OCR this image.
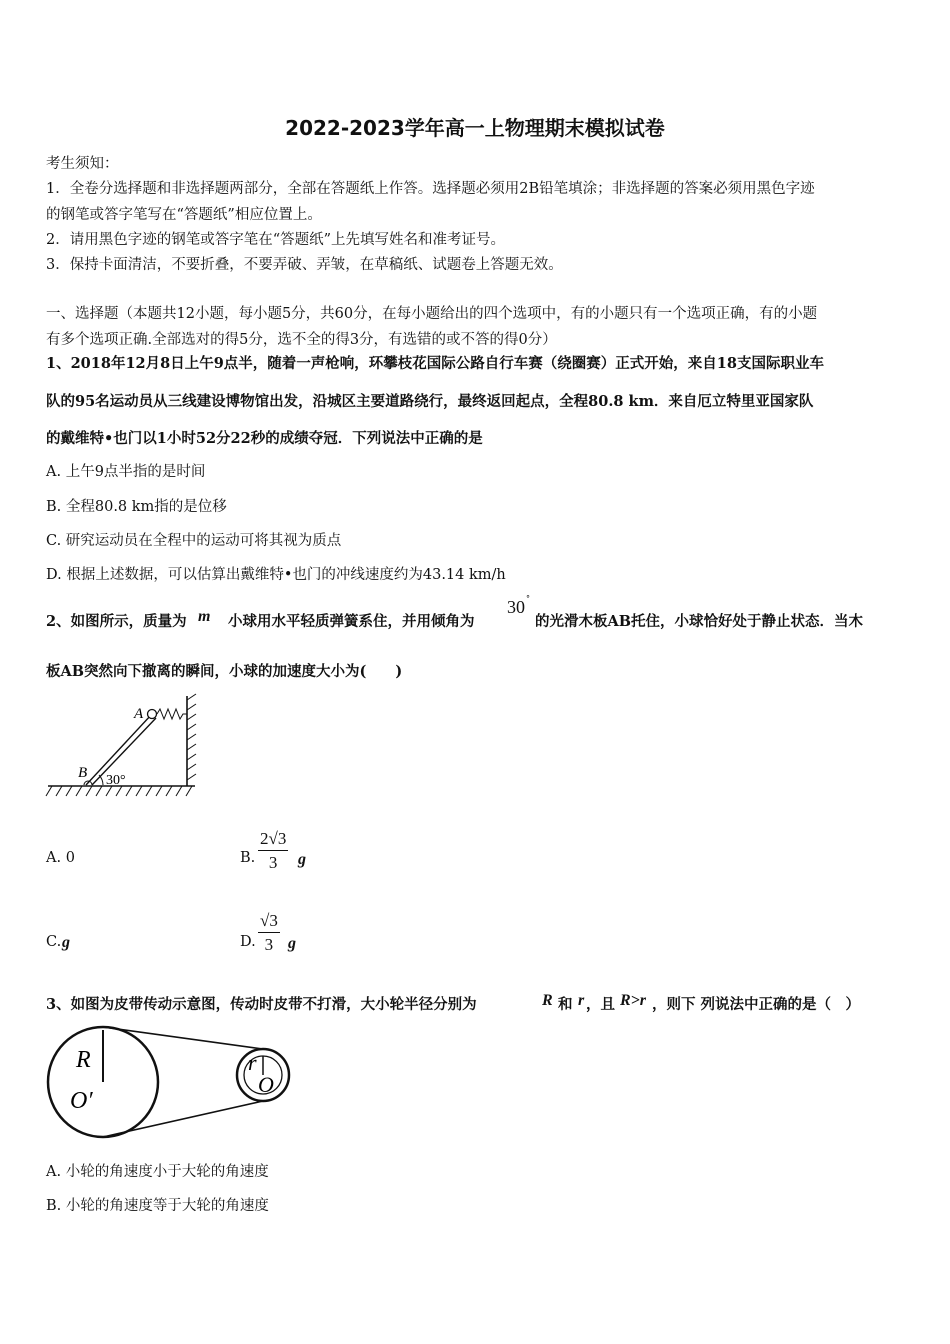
2022-2023学年高一上物理期末模拟试卷
考生须知：
1．全卷分选择题和非选择题两部分，全部在答题纸上作答。选择题必须用2B铅笔填涂；非选择题的答案必须用黑色字迹
的钢笔或答字笔写在“答题纸”相应位置上。
2．请用黑色字迹的钢笔或答字笔在“答题纸”上先填写姓名和准考证号。
3．保持卡面清洁，不要折叠，不要弄破、弄皱，在草稿纸、试题卷上答题无效。
一、选择题（本题共12小题，每小题5分，共60分，在每小题给出的四个选项中，有的小题只有一个选项正确，有的小题
有多个选项正确.全部选对的得5分，选不全的得3分，有选错的或不答的得0分）
1、2018年12月8日上午9点半，随着一声枪响，环攀枝花国际公路自行车赛（绕圈赛）正式开始，来自18支国际职业车
队的95名运动员从三线建设博物馆出发，沿城区主要道路绕行，最终返回起点，全程80.8 km．来自厄立特里亚国家队
的戴维特•也门以1小时52分22秒的成绩夺冠．下列说法中正确的是
A. 上午9点半指的是时间
B. 全程80.8 km指的是位移
C. 研究运动员在全程中的运动可将其视为质点
D. 根据上述数据，可以估算出戴维特•也门的冲线速度约为43.14 km/h
2、如图所示，质量为 m 小球用水平轻质弹簧系住，并用倾角为
30 °
的光滑木板AB托住，小球恰好处于静止状态．当木
板AB突然向下撤离的瞬间，小球的加速度大小为(　　)
A
B 30°
A. 0	B. $\frac{2√3}{3}$ g
C. g	D. $\frac{√3}{3}$ g
3、如图为皮带传动示意图，传动时皮带不打滑，大小轮半径分别为	R 和 r ，且 R>r ，则下 列说法中正确的是（　）
R
O′
r
O
A. 小轮的角速度小于大轮的角速度
B. 小轮的角速度等于大轮的角速度
